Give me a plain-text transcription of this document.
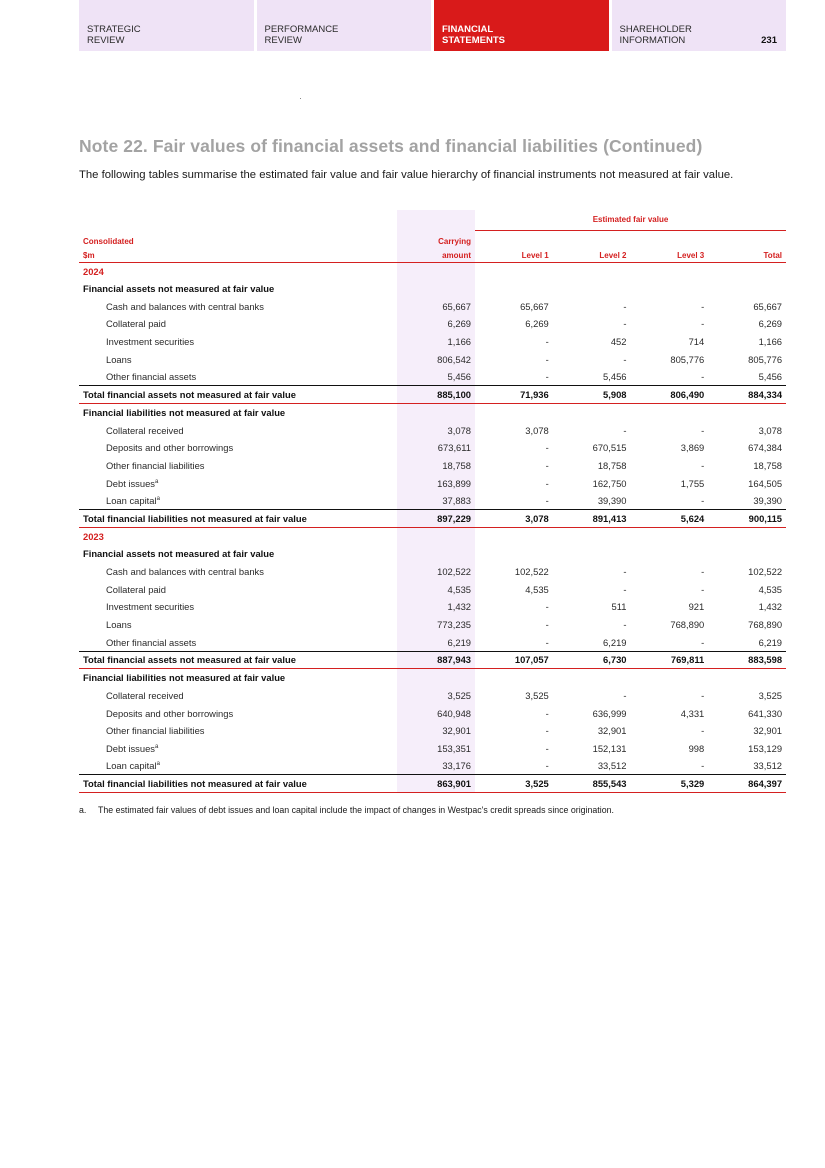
STRATEGIC
REVIEW
PERFORMANCE
REVIEW
FINANCIAL
STATEMENTS
SHAREHOLDER
INFORMATION	231
Note 22. Fair values of financial assets and financial liabilities (Continued)

The following tables summarise the estimated fair value and fair value hierarchy of financial instruments not measured at fair value.

		Estimated fair value			
Consolidated	Carrying				
$m	amount	Level 1	Level 2	Level 3	Total
2024					
Financial assets not measured at fair value					
Cash and balances with central banks	65,667	65,667	-	-	65,667
Collateral paid	6,269	6,269	-	-	6,269
Investment securities	1,166	-	452	714	1,166
Loans	806,542	-	-	805,776	805,776
Other financial assets	5,456	-	5,456	-	5,456
Total financial assets not measured at fair value	885,100	71,936	5,908	806,490	884,334
Financial liabilities not measured at fair value					
Collateral received	3,078	3,078	-	-	3,078
Deposits and other borrowings	673,611	-	670,515	3,869	674,384
Other financial liabilities	18,758	-	18,758	-	18,758
Debt issues$^a$	163,899	-	162,750	1,755	164,505
Loan capital$^a$	37,883	-	39,390	-	39,390
Total financial liabilities not measured at fair value	897,229	3,078	891,413	5,624	900,115
2023					
Financial assets not measured at fair value					
Cash and balances with central banks	102,522	102,522	-	-	102,522
Collateral paid	4,535	4,535	-	-	4,535
Investment securities	1,432	-	511	921	1,432
Loans	773,235	-	-	768,890	768,890
Other financial assets	6,219	-	6,219	-	6,219
Total financial assets not measured at fair value	887,943	107,057	6,730	769,811	883,598
Financial liabilities not measured at fair value					
Collateral received	3,525	3,525	-	-	3,525
Deposits and other borrowings	640,948	-	636,999	4,331	641,330
Other financial liabilities	32,901	-	32,901	-	32,901
Debt issues$^a$	153,351	-	152,131	998	153,129
Loan capital$^a$	33,176	-	33,512	-	33,512
Total financial liabilities not measured at fair value	863,901	3,525	855,543	5,329	864,397
a. The estimated fair values of debt issues and loan capital include the impact of changes in Westpac's credit spreads since origination.
